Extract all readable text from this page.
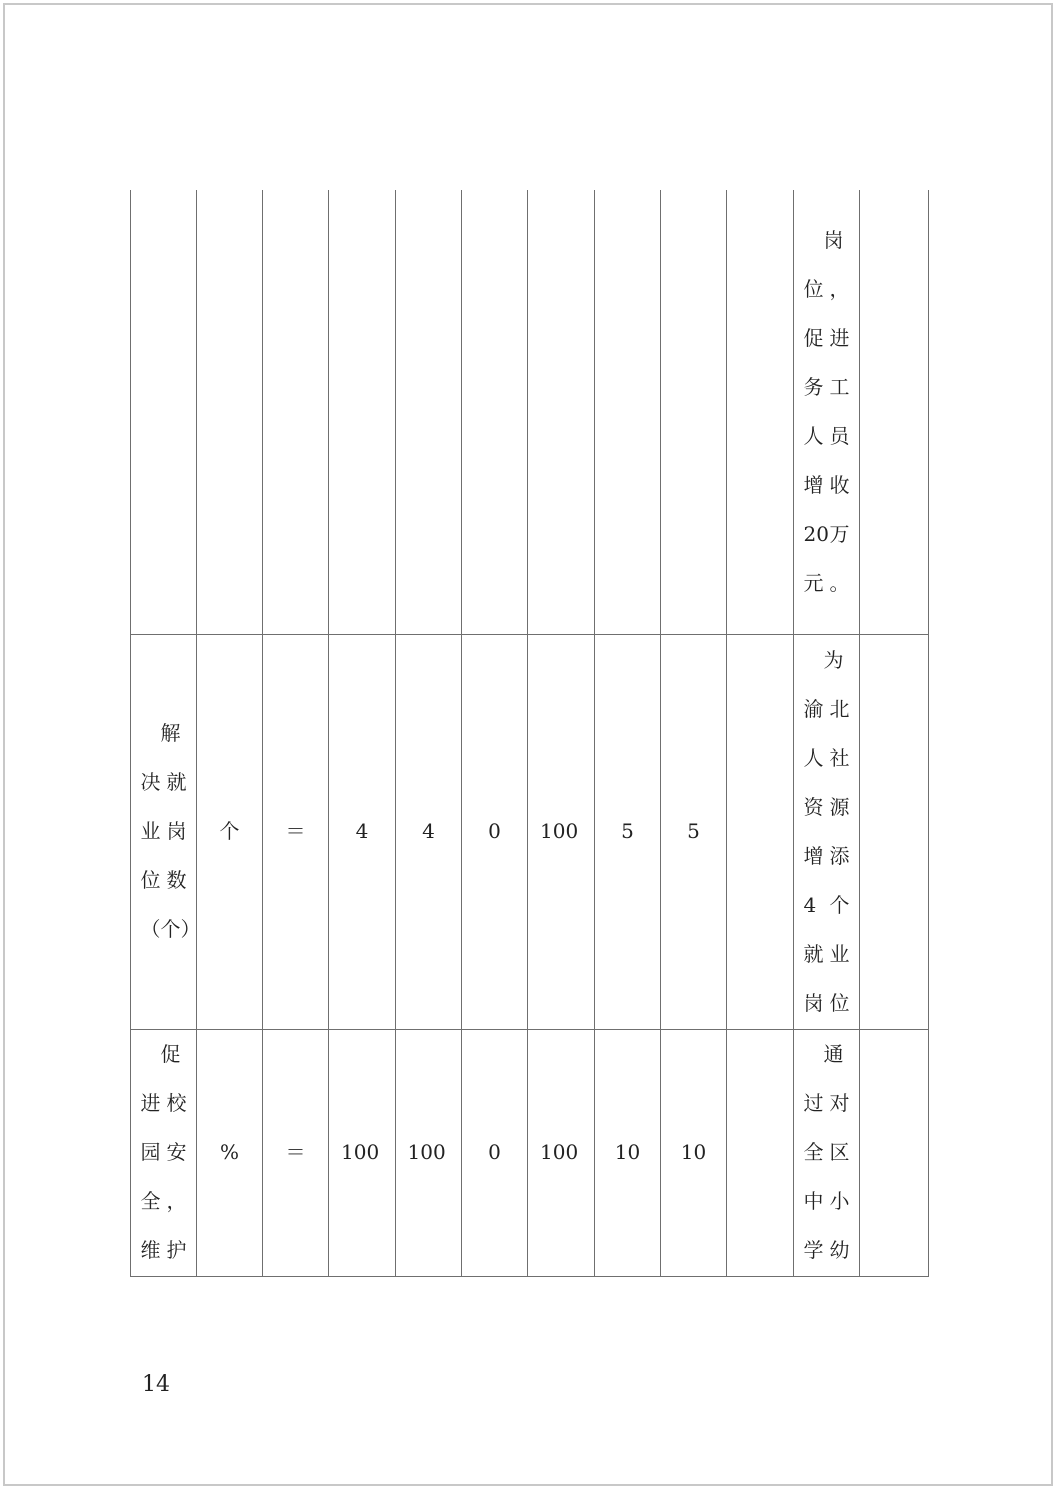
										岗位，促进务工人员增收20万元。	

解决就业岗位数（个）	个	＝	4	4	0	100	5	5		为渝北人社资源增添4个就业岗位	

促进校园安全，维护	%	＝	100	100	0	100	10	10		通过对全区中小学幼	

14
